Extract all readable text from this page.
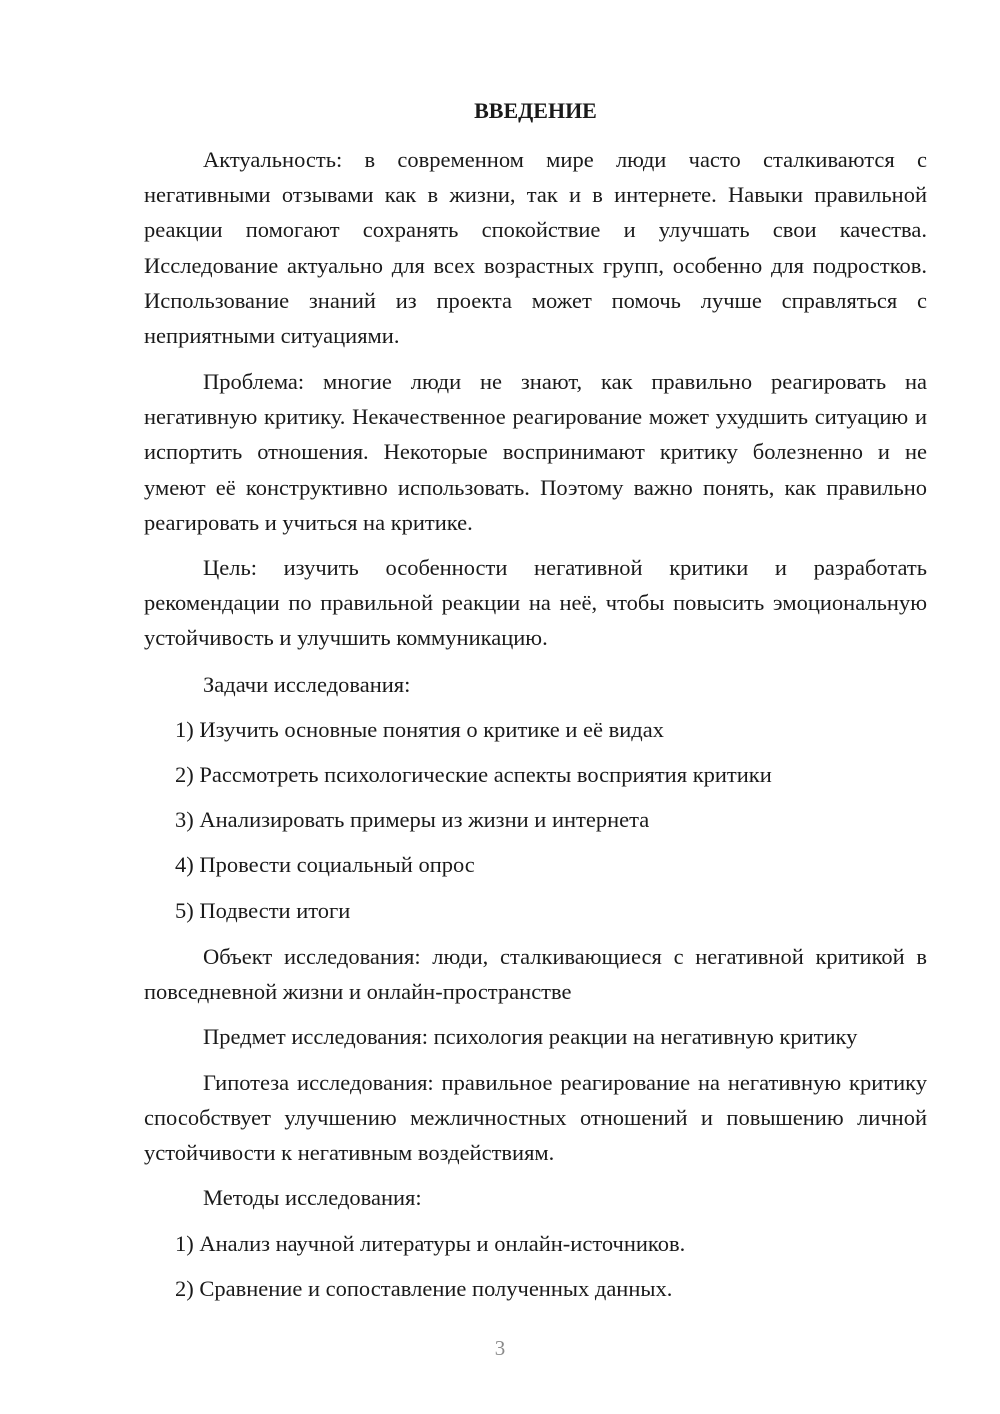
ВВЕДЕНИЕ

Актуальность: в современном мире люди часто сталкиваются с негативными отзывами как в жизни, так и в интернете. Навыки правильной реакции помогают сохранять спокойствие и улучшать свои качества. Исследование актуально для всех возрастных групп, особенно для подростков. Использование знаний из проекта может помочь лучше справляться с неприятными ситуациями.

Проблема: многие люди не знают, как правильно реагировать на негативную критику. Некачественное реагирование может ухудшить ситуацию и испортить отношения. Некоторые воспринимают критику болезненно и не умеют её конструктивно использовать. Поэтому важно понять, как правильно реагировать и учиться на критике.

Цель: изучить особенности негативной критики и разработать рекомендации по правильной реакции на неё, чтобы повысить эмоциональную устойчивость и улучшить коммуникацию.

Задачи исследования:

1) Изучить основные понятия о критике и её видах

2) Рассмотреть психологические аспекты восприятия критики

3) Анализировать примеры из жизни и интернета

4) Провести социальный опрос

5) Подвести итоги

Объект исследования: люди, сталкивающиеся с негативной критикой в повседневной жизни и онлайн-пространстве

Предмет исследования: психология реакции на негативную критику

Гипотеза исследования: правильное реагирование на негативную критику способствует улучшению межличностных отношений и повышению личной устойчивости к негативным воздействиям.

Методы исследования:

1) Анализ научной литературы и онлайн-источников.

2) Сравнение и сопоставление полученных данных.

3
